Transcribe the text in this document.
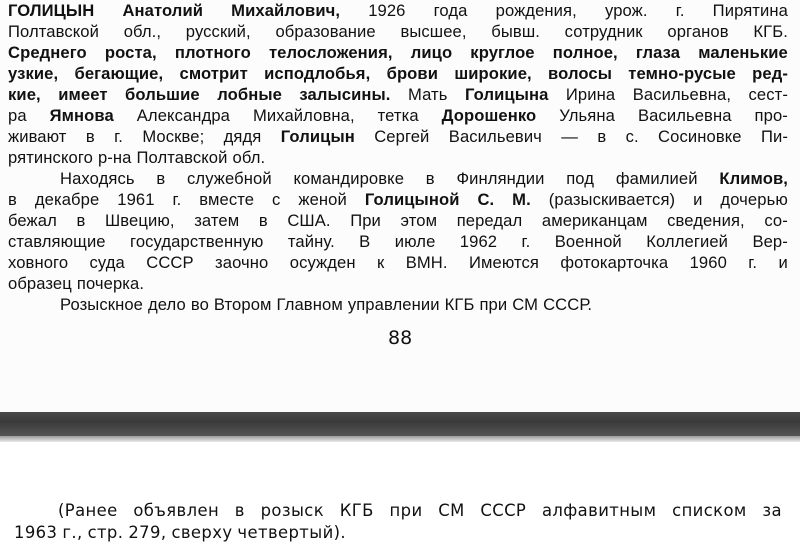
ГОЛИЦЫН Анатолий Михайлович, 1926 года рождения, урож. г. Пирятина
Полтавской обл., русский, образование высшее, бывш. сотрудник органов КГБ.
Среднего роста, плотного телосложения, лицо круглое полное, глаза маленькие
узкие, бегающие, смотрит исподлобья, брови широкие, волосы темно-русые ред-
кие, имеет большие лобные залысины. Мать Голицына Ирина Васильевна, сест-
ра Ямнова Александра Михайловна, тетка Дорошенко Ульяна Васильевна про-
живают в г. Москве; дядя Голицын Сергей Васильевич — в с. Сосиновке Пи-
рятинского р-на Полтавской обл.
Находясь в служебной командировке в Финляндии под фамилией Климов,
в декабре 1961 г. вместе с женой Голицыной С. М. (разыскивается) и дочерью
бежал в Швецию, затем в США. При этом передал американцам сведения, со-
ставляющие государственную тайну. В июле 1962 г. Военной Коллегией Вер-
ховного суда СССР заочно осужден к ВМН. Имеются фотокарточка 1960 г. и
образец почерка.
Розыскное дело во Втором Главном управлении КГБ при СМ СССР.
88
(Ранее объявлен в розыск КГБ при СМ СССР алфавитным списком за
1963 г., стр. 279, сверху четвертый).
